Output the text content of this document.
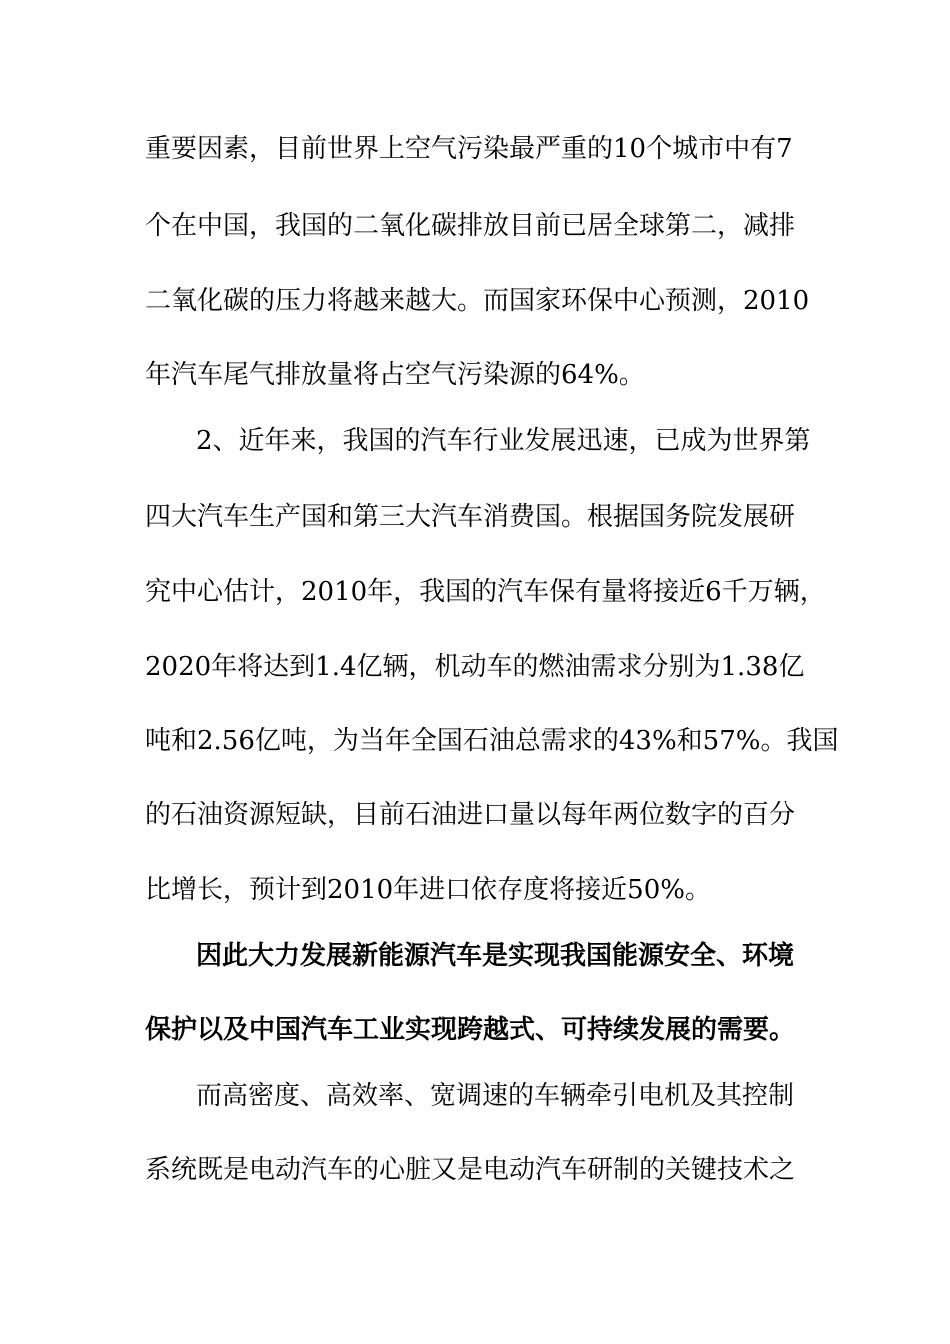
重要因素，目前世界上空气污染最严重的10个城市中有7
个在中国，我国的二氧化碳排放目前已居全球第二，减排
二氧化碳的压力将越来越大。而国家环保中心预测，2010
年汽车尾气排放量将占空气污染源的64%。
2、近年来，我国的汽车行业发展迅速，已成为世界第
四大汽车生产国和第三大汽车消费国。根据国务院发展研
究中心估计，2010年，我国的汽车保有量将接近6千万辆，
2020年将达到1.4亿辆，机动车的燃油需求分别为1.38亿
吨和2.56亿吨，为当年全国石油总需求的43%和57%。我国
的石油资源短缺，目前石油进口量以每年两位数字的百分
比增长，预计到2010年进口依存度将接近50%。
因此大力发展新能源汽车是实现我国能源安全、环境
保护以及中国汽车工业实现跨越式、可持续发展的需要。
而高密度、高效率、宽调速的车辆牵引电机及其控制
系统既是电动汽车的心脏又是电动汽车研制的关键技术之
